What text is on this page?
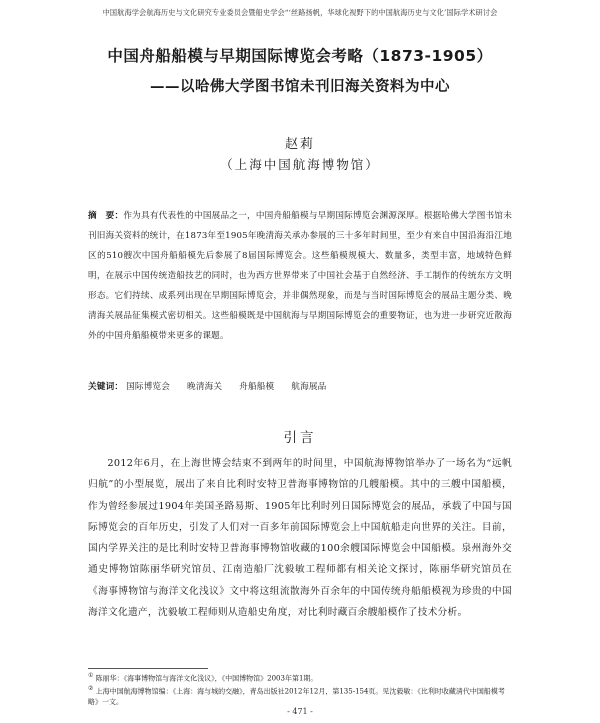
中国航海学会航海历史与文化研究专业委员会暨船史学会“‘丝路扬帆，华球化视野下的中国航海历史与文化’国际学术研讨会
中国舟船船模与早期国际博览会考略（1873-1905）
——以哈佛大学图书馆未刊旧海关资料为中心
赵莉
（上海中国航海博物馆）
摘　要：作为具有代表性的中国展品之一，中国舟船船模与早期国际博览会渊源深厚。根据哈佛大学图书馆未刊旧海关资料的统计，在1873年至1905年晚清海关承办参展的三十多年时间里，至少有来自中国沿海沿江地区的510艘次中国舟船船模先后参展了8届国际博览会。这些船模规模大、数量多，类型丰富，地域特色鲜明，在展示中国传统造船技艺的同时，也为西方世界带来了中国社会基于自然经济、手工制作的传统东方文明形态。它们持续、成系列出现在早期国际博览会，并非偶然现象，而是与当时国际博览会的展品主题分类、晚清海关展品征集模式密切相关。这些船模既是中国航海与早期国际博览会的重要物证，也为进一步研究近散海外的中国舟船船模带来更多的课题。
关键词： 国际博览会 晚清海关 舟船船模 航海展品
引言
2012年6月，在上海世博会结束不到两年的时间里，中国航海博物馆举办了一场名为“远帆归航”的小型展览，展出了来自比利时安特卫普海事博物馆的几艘船模。其中的三艘中国船模，作为曾经参展过1904年美国圣路易斯、1905年比利时列日国际博览会的展品，承载了中国与国际博览会的百年历史，引发了人们对一百多年前国际博览会上中国航船走向世界的关注。目前，国内学界关注的是比利时安特卫普海事博物馆收藏的100余艘国际博览会中国船模。泉州海外交通史博物馆陈丽华研究馆员、江南造船厂沈毅敏工程师都有相关论文探讨，陈丽华研究馆员在《海事博物馆与海洋文化浅议》文中将这组流散海外百余年的中国传统舟船船模视为珍贵的中国海洋文化遗产，沈毅敏工程师则从造船史角度，对比利时藏百余艘船模作了技术分析。
① 陈丽华：《海事博物馆与海洋文化浅议》，《中国博物馆》2003年第1期。
② 上海中国航海博物馆编：《上海：海与城的交融》，青岛出版社2012年12月，第135-154页。见沈毅敏：《比利时收藏清代中国船模考略》一文。
- 471 -
